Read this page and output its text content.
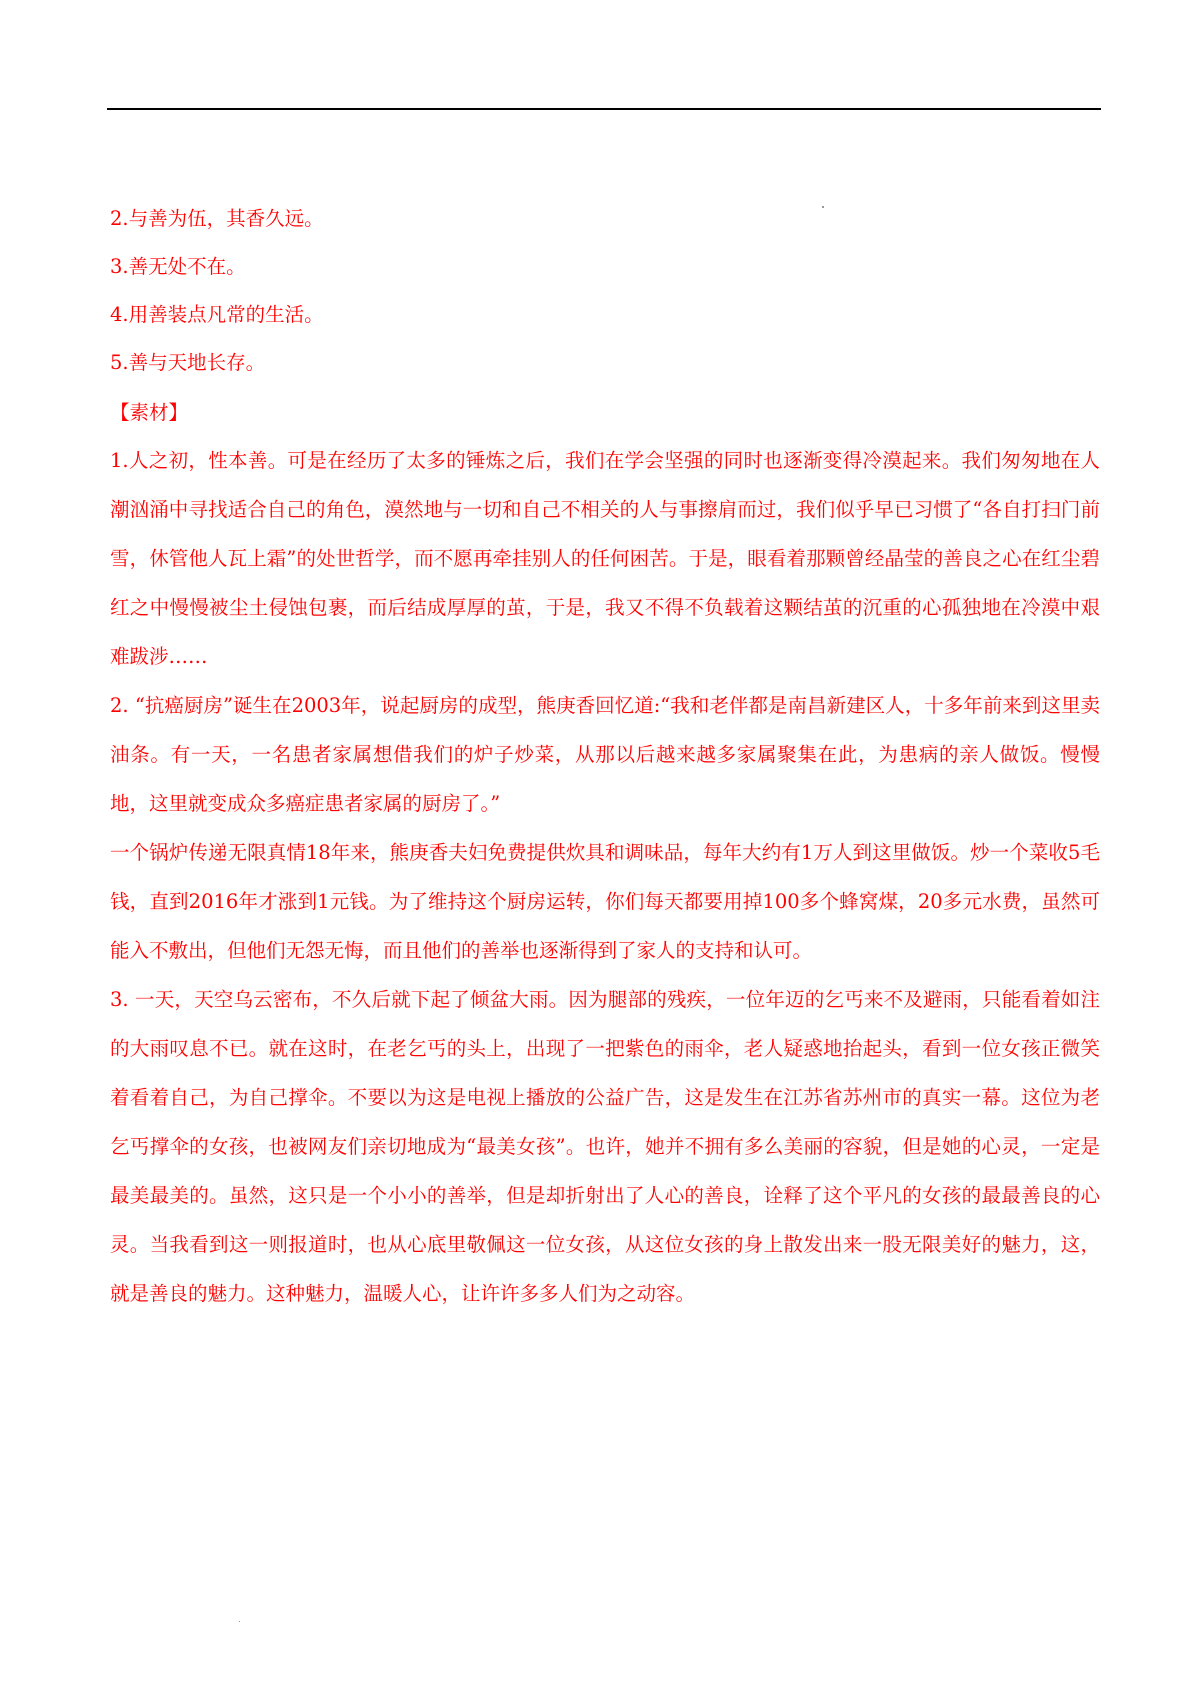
2.与善为伍，其香久远。
3.善无处不在。
4.用善装点凡常的生活。
5.善与天地长存。
【素材】

1.人之初，性本善。可是在经历了太多的锤炼之后，我们在学会坚强的同时也逐渐变得冷漠起来。我们匆匆地在人潮汹涌中寻找适合自己的角色，漠然地与一切和自己不相关的人与事擦肩而过，我们似乎早已习惯了“各自打扫门前雪，休管他人瓦上霜”的处世哲学，而不愿再牵挂别人的任何困苦。于是，眼看着那颗曾经晶莹的善良之心在红尘碧红之中慢慢被尘土侵蚀包裹，而后结成厚厚的茧，于是，我又不得不负载着这颗结茧的沉重的心孤独地在冷漠中艰难跋涉……

2. “抗癌厨房”诞生在2003年，说起厨房的成型，熊庚香回忆道:“我和老伴都是南昌新建区人，十多年前来到这里卖油条。有一天，一名患者家属想借我们的炉子炒菜，从那以后越来越多家属聚集在此，为患病的亲人做饭。慢慢地，这里就变成众多癌症患者家属的厨房了。”

一个锅炉传递无限真情18年来，熊庚香夫妇免费提供炊具和调味品，每年大约有1万人到这里做饭。炒一个菜收5毛钱，直到2016年才涨到1元钱。为了维持这个厨房运转，你们每天都要用掉100多个蜂窝煤，20多元水费，虽然可能入不敷出，但他们无怨无悔，而且他们的善举也逐渐得到了家人的支持和认可。

3. 一天，天空乌云密布，不久后就下起了倾盆大雨。因为腿部的残疾，一位年迈的乞丐来不及避雨，只能看着如注的大雨叹息不已。就在这时，在老乞丐的头上，出现了一把紫色的雨伞，老人疑惑地抬起头，看到一位女孩正微笑着看着自己，为自己撑伞。不要以为这是电视上播放的公益广告，这是发生在江苏省苏州市的真实一幕。这位为老乞丐撑伞的女孩，也被网友们亲切地成为“最美女孩”。也许，她并不拥有多么美丽的容貌，但是她的心灵，一定是最美最美的。虽然，这只是一个小小的善举，但是却折射出了人心的善良，诠释了这个平凡的女孩的最最善良的心灵。当我看到这一则报道时，也从心底里敬佩这一位女孩，从这位女孩的身上散发出来一股无限美好的魅力，这，就是善良的魅力。这种魅力，温暖人心，让许许多多人们为之动容。
